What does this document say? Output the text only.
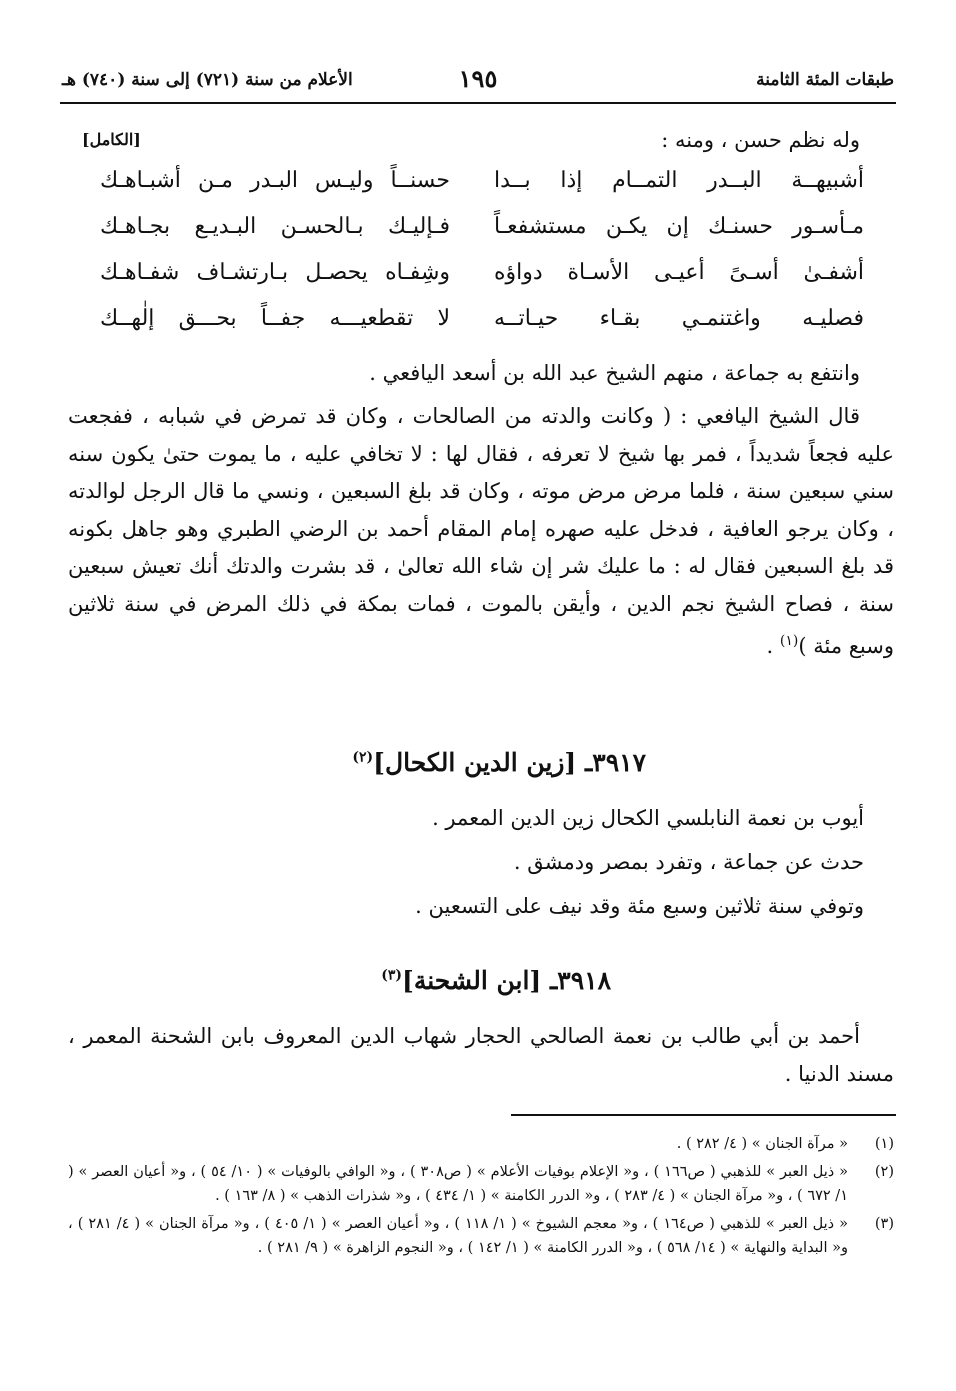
طبقات المئة الثامنة
١٩٥
الأعلام من سنة (٧٢١) إلى سنة (٧٤٠) هـ
وله نظم حسن ، ومنه :
[الكامل]
أشبيهــة البــدر التمــام إذا بــدا
حسنــاً وليـس البـدر مـن أشبـاهـك
مـأسـور حسنـك إن يكـن مستشفعـاً
فـإليـك بـالحسـن البـديـع بجـاهـك
أشفـىٰ أسـىً أعيـى الأسـاة دواؤه
وشِفـاه يحصـل بـارتشـاف شفـاهـك
فصليـه واغتنمـي بقـاء حيـاتــه
لا تقطعيـــه جفــاً بحـــق إلٰهــك
وانتفع به جماعة ، منهم الشيخ عبد الله بن أسعد اليافعي .
قال الشيخ اليافعي : ( وكانت والدته من الصالحات ، وكان قد تمرض في شبابه ، ففجعت عليه فجعاً شديداً ، فمر بها شيخ لا تعرفه ، فقال لها : لا تخافي عليه ، ما يموت حتىٰ يكون سنه سني سبعين سنة ، فلما مرض مرض موته ، وكان قد بلغ السبعين ، ونسي ما قال الرجل لوالدته ، وكان يرجو العافية ، فدخل عليه صهره إمام المقام أحمد بن الرضي الطبري وهو جاهل بكونه قد بلغ السبعين فقال له : ما عليك شر إن شاء الله تعالىٰ ، قد بشرت والدتك أنك تعيش سبعين سنة ، فصاح الشيخ نجم الدين ، وأيقن بالموت ، فمات بمكة في ذلك المرض في سنة ثلاثين وسبع مئة )$^{(١)}$ .
٣٩١٧ـ [زين الدين الكحال]$^{(٢)}$
أيوب بن نعمة النابلسي الكحال زين الدين المعمر .
حدث عن جماعة ، وتفرد بمصر ودمشق .
وتوفي سنة ثلاثين وسبع مئة وقد نيف على التسعين .
٣٩١٨ـ [ابن الشحنة]$^{(٣)}$
أحمد بن أبي طالب بن نعمة الصالحي الحجار شهاب الدين المعروف بابن الشحنة المعمر ، مسند الدنيا .
(١)
« مرآة الجنان » ( ٤/ ٢٨٢ ) .
(٢)
« ذيل العبر » للذهبي ( ص١٦٦ ) ، و« الإعلام بوفيات الأعلام » ( ص٣٠٨ ) ، و« الوافي بالوفيات » ( ١٠/ ٥٤ ) ، و« أعيان العصر » ( ١/ ٦٧٢ ) ، و« مرآة الجنان » ( ٤/ ٢٨٣ ) ، و« الدرر الكامنة » ( ١/ ٤٣٤ ) ، و« شذرات الذهب » ( ٨/ ١٦٣ ) .
(٣)
« ذيل العبر » للذهبي ( ص١٦٤ ) ، و« معجم الشيوخ » ( ١/ ١١٨ ) ، و« أعيان العصر » ( ١/ ٤٠٥ ) ، و« مرآة الجنان » ( ٤/ ٢٨١ ) ، و« البداية والنهاية » ( ١٤/ ٥٦٨ ) ، و« الدرر الكامنة » ( ١/ ١٤٢ ) ، و« النجوم الزاهرة » ( ٩/ ٢٨١ ) .
